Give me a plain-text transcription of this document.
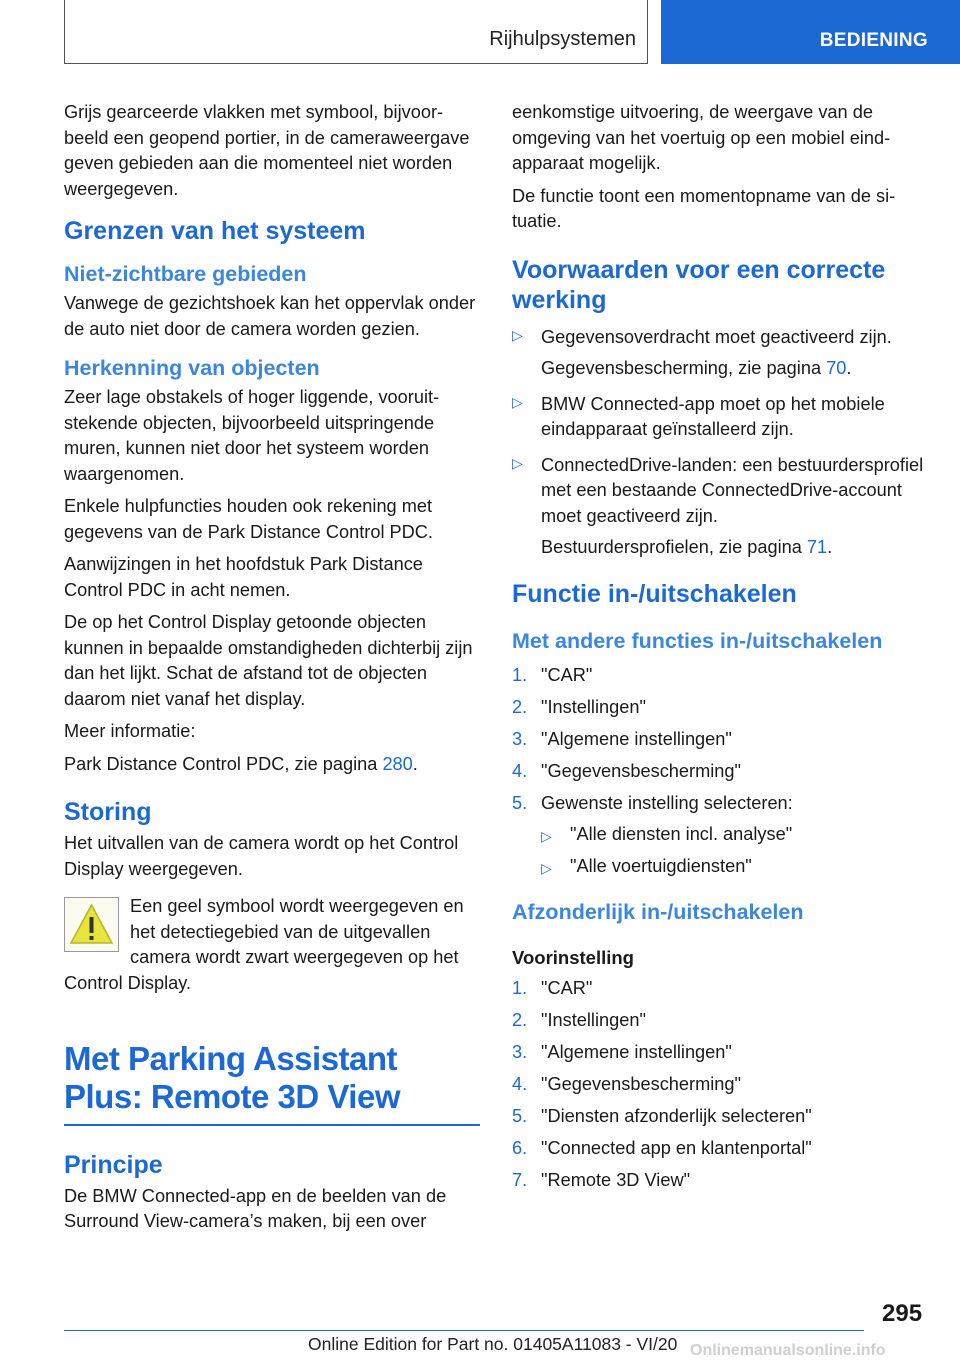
Rijhulpsystemen	BEDIENING

Grijs gearceerde vlakken met symbool, bijvoorbeeld een geopend portier, in de cameraweergave geven gebieden aan die momenteel niet worden weergegeven.

Grenzen van het systeem
Niet-zichtbare gebieden

Vanwege de gezichtshoek kan het oppervlak onder de auto niet door de camera worden gezien.

Herkenning van objecten

Zeer lage obstakels of hoger liggende, vooruitstekende objecten, bijvoorbeeld uitspringende muren, kunnen niet door het systeem worden waargenomen.

Enkele hulpfuncties houden ook rekening met gegevens van de Park Distance Control PDC.

Aanwijzingen in het hoofdstuk Park Distance Control PDC in acht nemen.

De op het Control Display getoonde objecten kunnen in bepaalde omstandigheden dichterbij zijn dan het lijkt. Schat de afstand tot de objecten daarom niet vanaf het display.

Meer informatie:

Park Distance Control PDC, zie pagina 280.

Storing

Het uitvallen van de camera wordt op het Control Display weergegeven.

Een geel symbool wordt weergegeven en het detectiegebied van de uitgevallen camera wordt zwart weergegeven op het

Control Display.

Met Parking Assistant Plus: Remote 3D View
Principe

De BMW Connected-app en de beelden van de Surround View-camera’s maken, bij een over

eenkomstige uitvoering, de weergave van de omgeving van het voertuig op een mobiel eindapparaat mogelijk.

De functie toont een momentopname van de situatie.

Voorwaarden voor een correcte werking
▷ Gegevensoverdracht moet geactiveerd zijn.

Gegevensbescherming, zie pagina 70.

▷ BMW Connected-app moet op het mobiele eindapparaat geïnstalleerd zijn.

▷ ConnectedDrive-landen: een bestuurdersprofiel met een bestaande ConnectedDrive-account moet geactiveerd zijn.

Bestuurdersprofielen, zie pagina 71.

Functie in-/uitschakelen
Met andere functies in-/uitschakelen
1. "CAR"
2. "Instellingen"
3. "Algemene instellingen"
4. "Gegevensbescherming"
5. Gewenste instelling selecteren:
▷ "Alle diensten incl. analyse"
▷ "Alle voertuigdiensten"
Afzonderlijk in-/uitschakelen
Voorinstelling
1. "CAR"
2. "Instellingen"
3. "Algemene instellingen"
4. "Gegevensbescherming"
5. "Diensten afzonderlijk selecteren"
6. "Connected app en klantenportal"
7. "Remote 3D View"
295
Online Edition for Part no. 01405A11083 - VI/20 Onlinemanualsonline.info
